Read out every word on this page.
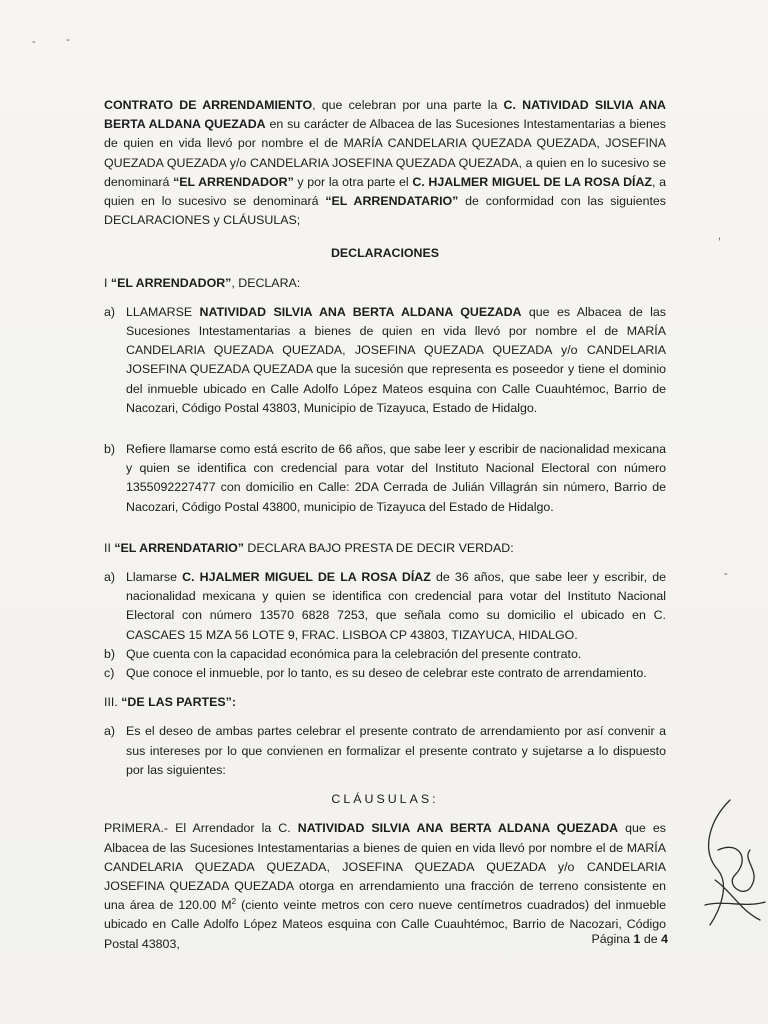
-	-
,
-

CONTRATO DE ARRENDAMIENTO, que celebran por una parte la C. NATIVIDAD SILVIA ANA BERTA ALDANA QUEZADA en su carácter de Albacea de las Sucesiones Intestamentarias a bienes de quien en vida llevó por nombre el de MARÍA CANDELARIA QUEZADA QUEZADA, JOSEFINA QUEZADA QUEZADA y/o CANDELARIA JOSEFINA QUEZADA QUEZADA, a quien en lo sucesivo se denominará “EL ARRENDADOR” y por la otra parte el C. HJALMER MIGUEL DE LA ROSA DÍAZ, a quien en lo sucesivo se denominará “EL ARRENDATARIO” de conformidad con las siguientes DECLARACIONES y CLÁUSULAS;

DECLARACIONES

I “EL ARRENDADOR”, DECLARA:

a) LLAMARSE NATIVIDAD SILVIA ANA BERTA ALDANA QUEZADA que es Albacea de las Sucesiones Intestamentarias a bienes de quien en vida llevó por nombre el de MARÍA CANDELARIA QUEZADA QUEZADA, JOSEFINA QUEZADA QUEZADA y/o CANDELARIA JOSEFINA QUEZADA QUEZADA que la sucesión que representa es poseedor y tiene el dominio del inmueble ubicado en Calle Adolfo López Mateos esquina con Calle Cuauhtémoc, Barrio de Nacozari, Código Postal 43803, Municipio de Tizayuca, Estado de Hidalgo.
b) Refiere llamarse como está escrito de 66 años, que sabe leer y escribir de nacionalidad mexicana y quien se identifica con credencial para votar del Instituto Nacional Electoral con número 1355092227477 con domicilio en Calle: 2DA Cerrada de Julián Villagrán sin número, Barrio de Nacozari, Código Postal 43800, municipio de Tizayuca del Estado de Hidalgo.

II “EL ARRENDATARIO” DECLARA BAJO PRESTA DE DECIR VERDAD:

a) Llamarse C. HJALMER MIGUEL DE LA ROSA DÍAZ de 36 años, que sabe leer y escribir, de nacionalidad mexicana y quien se identifica con credencial para votar del Instituto Nacional Electoral con número 13570 6828 7253, que señala como su domicilio el ubicado en C. CASCAES 15 MZA 56 LOTE 9, FRAC. LISBOA CP 43803, TIZAYUCA, HIDALGO.
b) Que cuenta con la capacidad económica para la celebración del presente contrato.
c) Que conoce el inmueble, por lo tanto, es su deseo de celebrar este contrato de arrendamiento.

III. “DE LAS PARTES”:

a) Es el deseo de ambas partes celebrar el presente contrato de arrendamiento por así convenir a sus intereses por lo que convienen en formalizar el presente contrato y sujetarse a lo dispuesto por las siguientes:

CLÁUSULAS:

PRIMERA.- El Arrendador la C. NATIVIDAD SILVIA ANA BERTA ALDANA QUEZADA que es Albacea de las Sucesiones Intestamentarias a bienes de quien en vida llevó por nombre el de MARÍA CANDELARIA QUEZADA QUEZADA, JOSEFINA QUEZADA QUEZADA y/o CANDELARIA JOSEFINA QUEZADA QUEZADA otorga en arrendamiento una fracción de terreno consistente en una área de 120.00 $M^2$ (ciento veinte metros con cero nueve centímetros cuadrados) del inmueble ubicado en Calle Adolfo López Mateos esquina con Calle Cuauhtémoc, Barrio de Nacozari, Código Postal 43803,	Página 1 de 4
